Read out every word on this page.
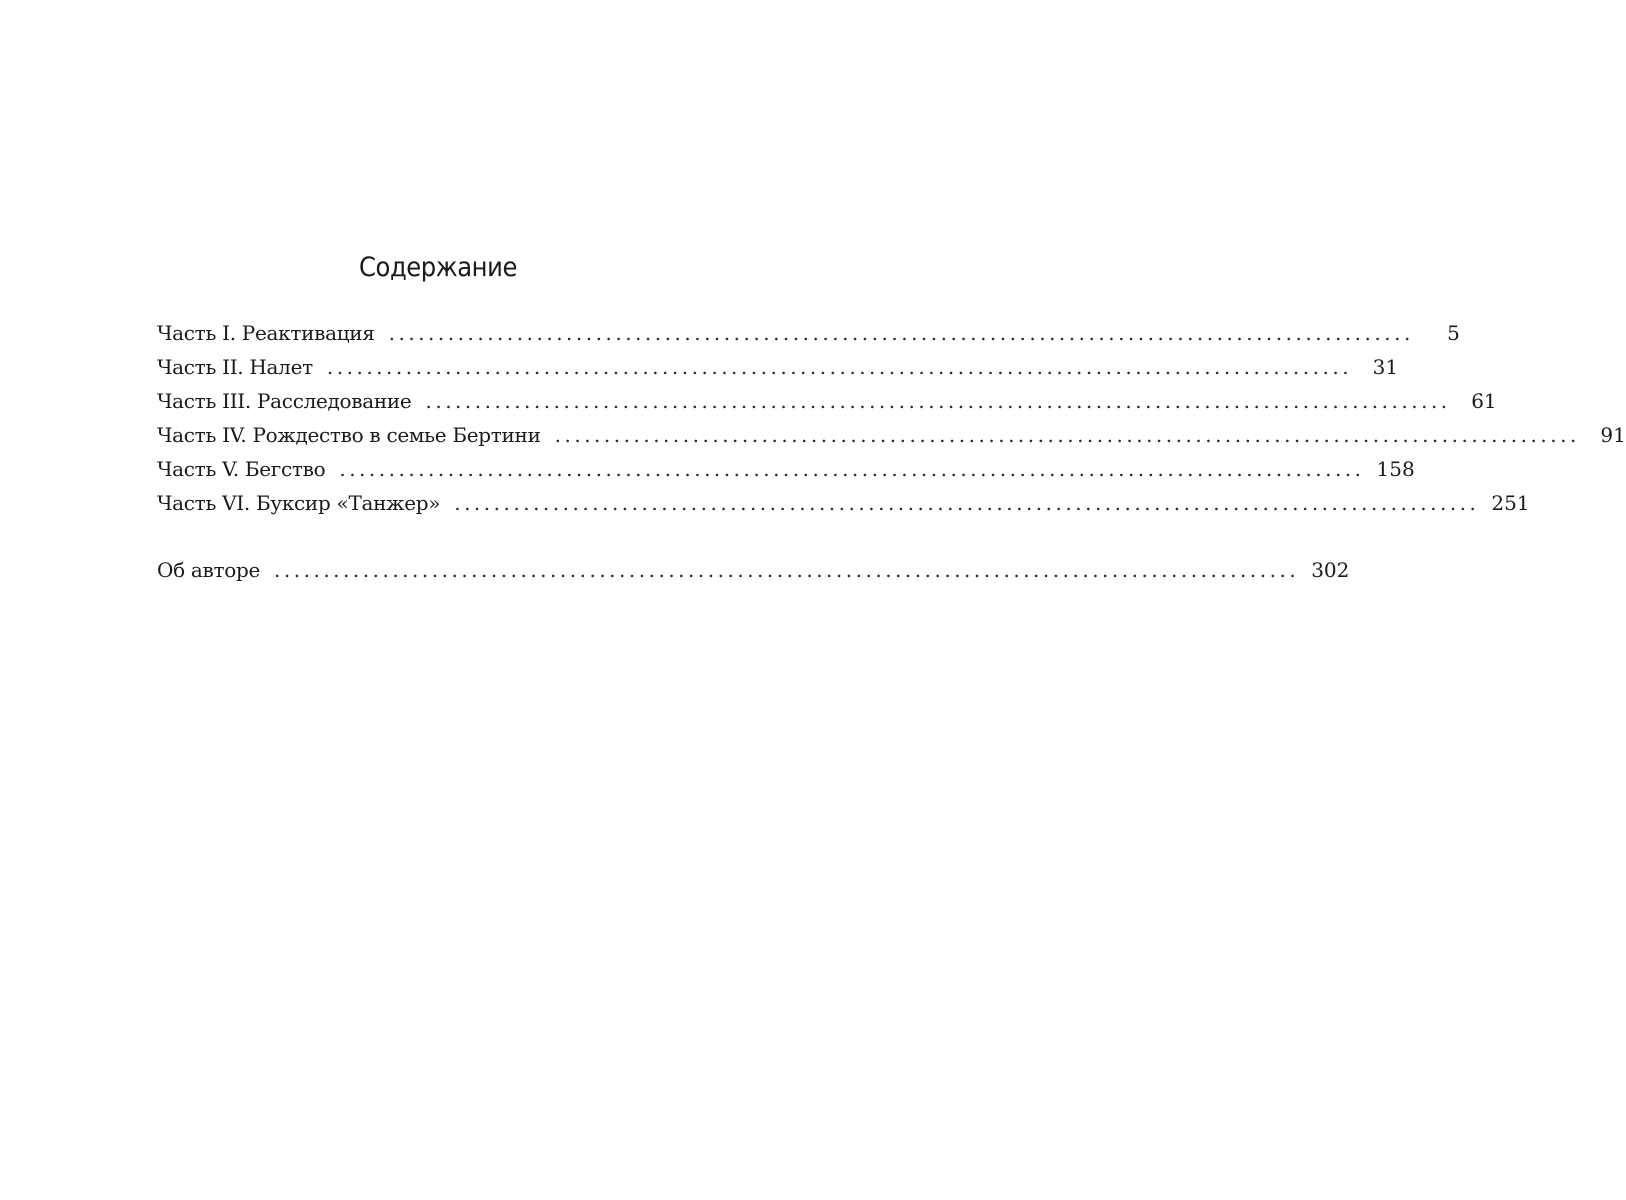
Содержание
Часть I. Реактивация ........................................................................................................	5
Часть II. Налет ........................................................................................................	31
Часть III. Расследование ........................................................................................................	61
Часть IV. Рождество в семье Бертини ........................................................................................................	91
Часть V. Бегство ........................................................................................................ 158
Часть VI. Буксир «Танжер» ........................................................................................................ 251
Об авторе ........................................................................................................ 302
